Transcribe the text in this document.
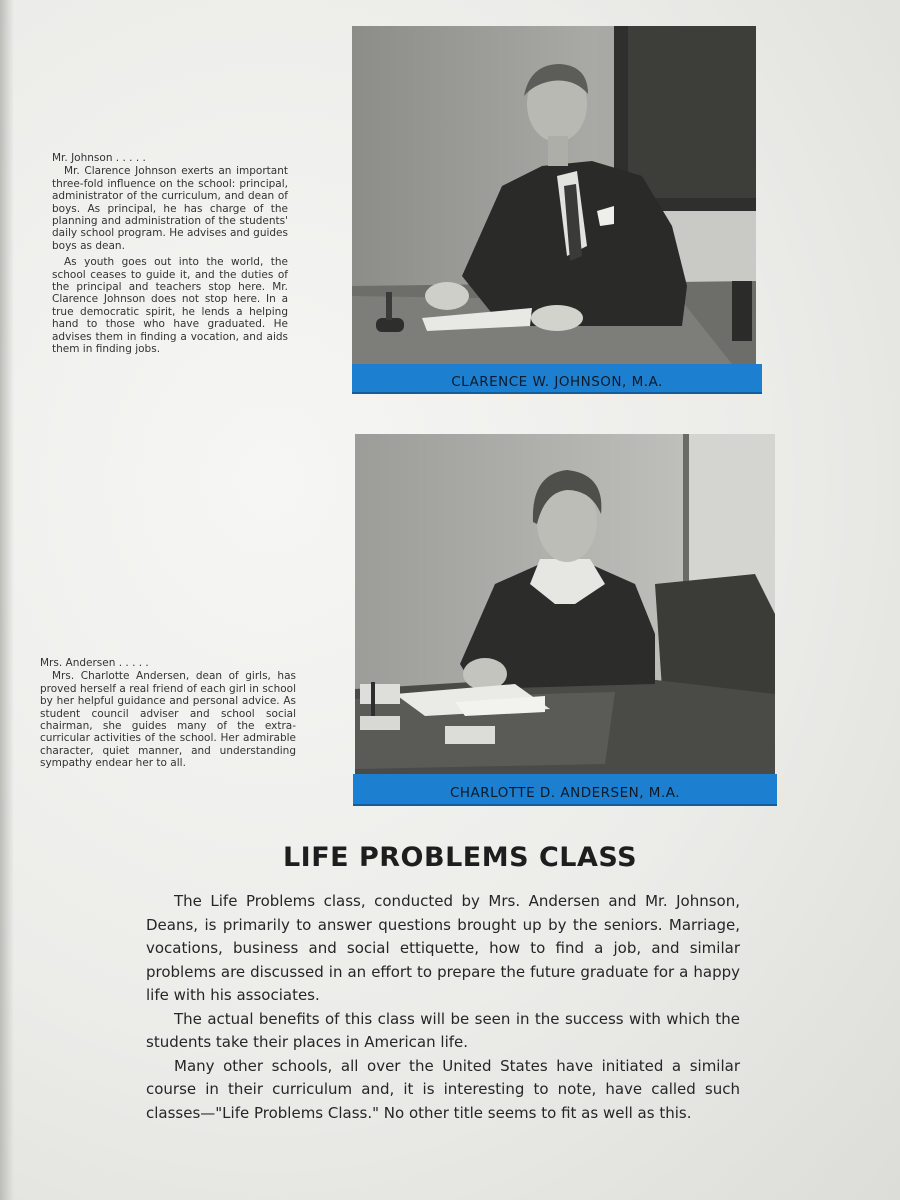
Mr. Johnson . . . . .

Mr. Clarence Johnson exerts an important three-fold influence on the school: principal, administrator of the curriculum, and dean of boys. As principal, he has charge of the planning and administration of the students' daily school program. He advises and guides boys as dean.

As youth goes out into the world, the school ceases to guide it, and the duties of the principal and teachers stop here. Mr. Clarence Johnson does not stop here. In a true democratic spirit, he lends a helping hand to those who have graduated. He advises them in finding a vocation, and aids them in finding jobs.

CLARENCE W. JOHNSON, M.A.
CHARLOTTE D. ANDERSEN, M.A.
Mrs. Andersen . . . . .

Mrs. Charlotte Andersen, dean of girls, has proved herself a real friend of each girl in school by her helpful guidance and personal advice. As student council adviser and school social chairman, she guides many of the extra-curricular activities of the school. Her admirable character, quiet manner, and understanding sympathy endear her to all.

LIFE PROBLEMS CLASS

The Life Problems class, conducted by Mrs. Andersen and Mr. Johnson, Deans, is primarily to answer questions brought up by the seniors. Marriage, vocations, business and social ettiquette, how to find a job, and similar problems are discussed in an effort to prepare the future graduate for a happy life with his associates.

The actual benefits of this class will be seen in the success with which the students take their places in American life.

Many other schools, all over the United States have initiated a similar course in their curriculum and, it is interesting to note, have called such classes—"Life Problems Class." No other title seems to fit as well as this.
